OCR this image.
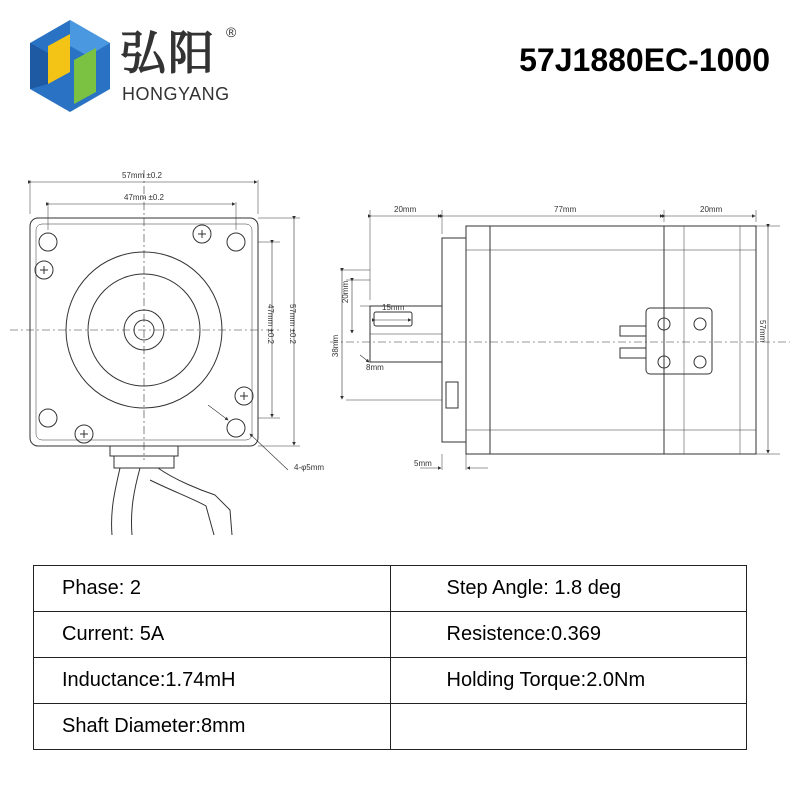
弘阳 ®
HONGYANG
57J1880EC-1000
57mm ±0.2
47mm ±0.2
47mm ±0.2 57mm ±0.2
4-φ5mm
20mm	77mm	20mm
15mm
20mm
38mm
8mm
5mm
57mm
Phase: 2	Step Angle: 1.8 deg
Current: 5A	Resistence:0.369
Inductance:1.74mH	Holding Torque:2.0Nm
Shaft Diameter:8mm	
